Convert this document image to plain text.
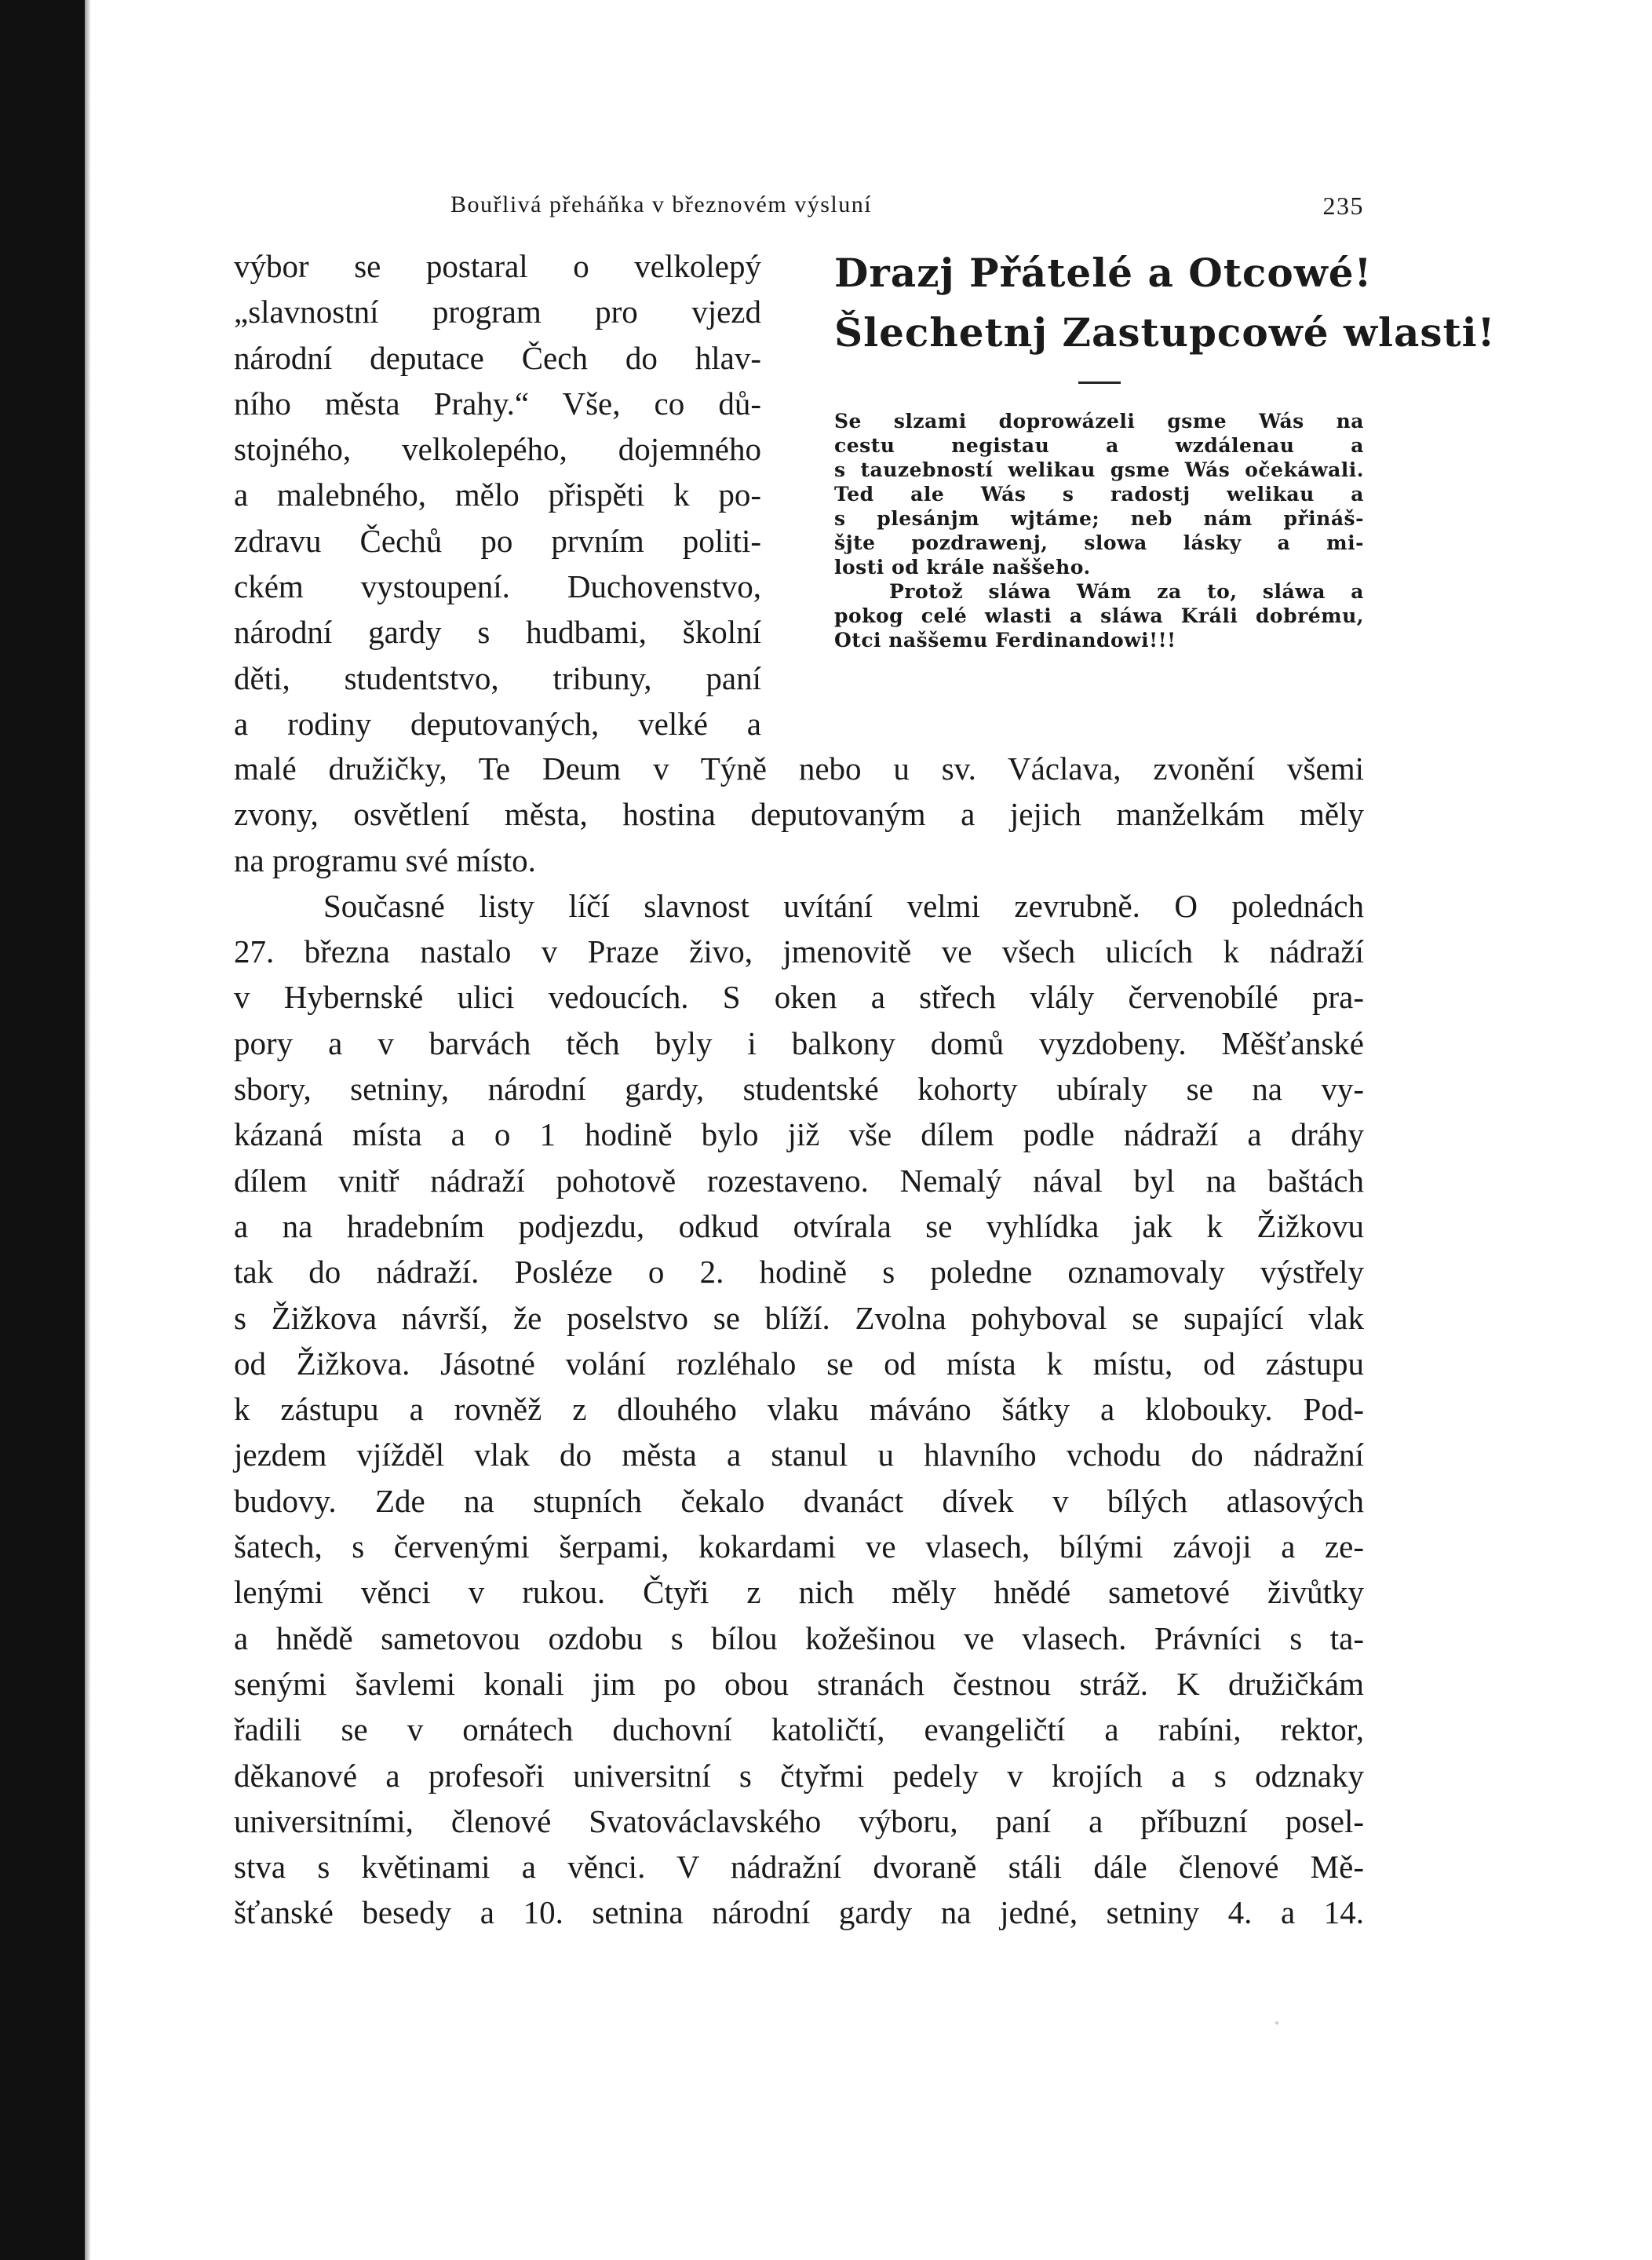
Bouřlivá přeháňka v březnovém výsluní	235
výbor se postaral o velkolepý
„slavnostní program pro vjezd
národní deputace Čech do hlav-
ního města Prahy.“ Vše, co dů-
stojného, velkolepého, dojemného
a malebného, mělo přispěti k po-
zdravu Čechů po prvním politi-
ckém vystoupení. Duchovenstvo,
národní gardy s hudbami, školní
děti, studentstvo, tribuny, paní
a rodiny deputovaných, velké a
Drazj Přátelé a Otcowé!
Šlechetnj Zastupcowé wlasti!
Se slzami doprowázeli gsme Wás na
cestu negistau a wzdálenau a
s tauzebností welikau gsme Wás očekáwali.
Ted ale Wás s radostj welikau a
s plesánjm wjtáme; neb nám přináš-
šjte pozdrawenj, slowa lásky a mi-
losti od krále naššeho.
Protož sláwa Wám za to, sláwa a
pokog celé wlasti a sláwa Králi dobrému,
Otci naššemu Ferdinandowi!!!
malé družičky, Te Deum v Týně nebo u sv. Václava, zvonění všemi
zvony, osvětlení města, hostina deputovaným a jejich manželkám měly
na programu své místo.
Současné listy líčí slavnost uvítání velmi zevrubně. O polednách
27. března nastalo v Praze živo, jmenovitě ve všech ulicích k nádraží
v Hybernské ulici vedoucích. S oken a střech vlály červenobílé pra-
pory a v barvách těch byly i balkony domů vyzdobeny. Měšťanské
sbory, setniny, národní gardy, studentské kohorty ubíraly se na vy-
kázaná místa a o 1 hodině bylo již vše dílem podle nádraží a dráhy
dílem vnitř nádraží pohotově rozestaveno. Nemalý nával byl na baštách
a na hradebním podjezdu, odkud otvírala se vyhlídka jak k Žižkovu
tak do nádraží. Posléze o 2. hodině s poledne oznamovaly výstřely
s Žižkova návrší, že poselstvo se blíží. Zvolna pohyboval se supající vlak
od Žižkova. Jásotné volání rozléhalo se od místa k místu, od zástupu
k zástupu a rovněž z dlouhého vlaku máváno šátky a klobouky. Pod-
jezdem vjížděl vlak do města a stanul u hlavního vchodu do nádražní
budovy. Zde na stupních čekalo dvanáct dívek v bílých atlasových
šatech, s červenými šerpami, kokardami ve vlasech, bílými závoji a ze-
lenými věnci v rukou. Čtyři z nich měly hnědé sametové živůtky
a hnědě sametovou ozdobu s bílou kožešinou ve vlasech. Právníci s ta-
senými šavlemi konali jim po obou stranách čestnou stráž. K družičkám
řadili se v ornátech duchovní katoličtí, evangeličtí a rabíni, rektor,
děkanové a profesoři universitní s čtyřmi pedely v krojích a s odznaky
universitními, členové Svatováclavského výboru, paní a příbuzní posel-
stva s květinami a věnci. V nádražní dvoraně stáli dále členové Mě-
šťanské besedy a 10. setnina národní gardy na jedné, setniny 4. a 14.
